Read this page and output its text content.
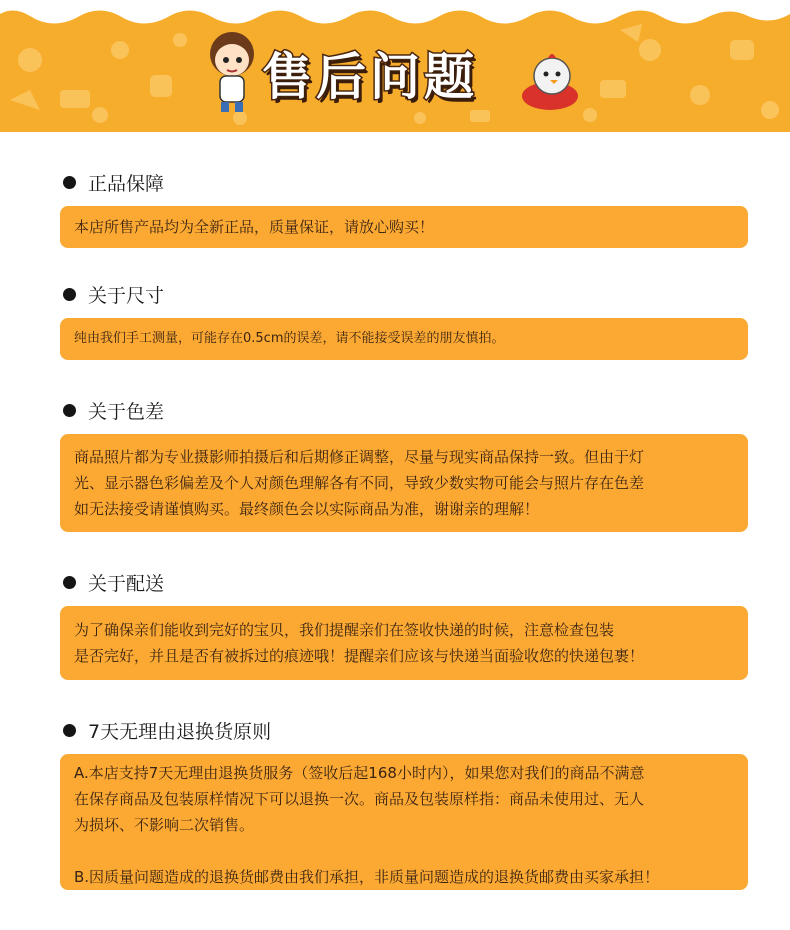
售后问题
正品保障

本店所售产品均为全新正品，质量保证，请放心购买！

关于尺寸

纯由我们手工测量，可能存在0.5cm的误差，请不能接受误差的朋友慎拍。

关于色差

商品照片都为专业摄影师拍摄后和后期修正调整，尽量与现实商品保持一致。但由于灯

光、显示器色彩偏差及个人对颜色理解各有不同，导致少数实物可能会与照片存在色差

如无法接受请谨慎购买。最终颜色会以实际商品为准，谢谢亲的理解！

关于配送

为了确保亲们能收到完好的宝贝，我们提醒亲们在签收快递的时候，注意检查包装

是否完好，并且是否有被拆过的痕迹哦！提醒亲们应该与快递当面验收您的快递包裹！

7天无理由退换货原则

A.本店支持7天无理由退换货服务（签收后起168小时内），如果您对我们的商品不满意

在保存商品及包装原样情况下可以退换一次。商品及包装原样指：商品未使用过、无人

为损坏、不影响二次销售。

B.因质量问题造成的退换货邮费由我们承担，非质量问题造成的退换货邮费由买家承担！
